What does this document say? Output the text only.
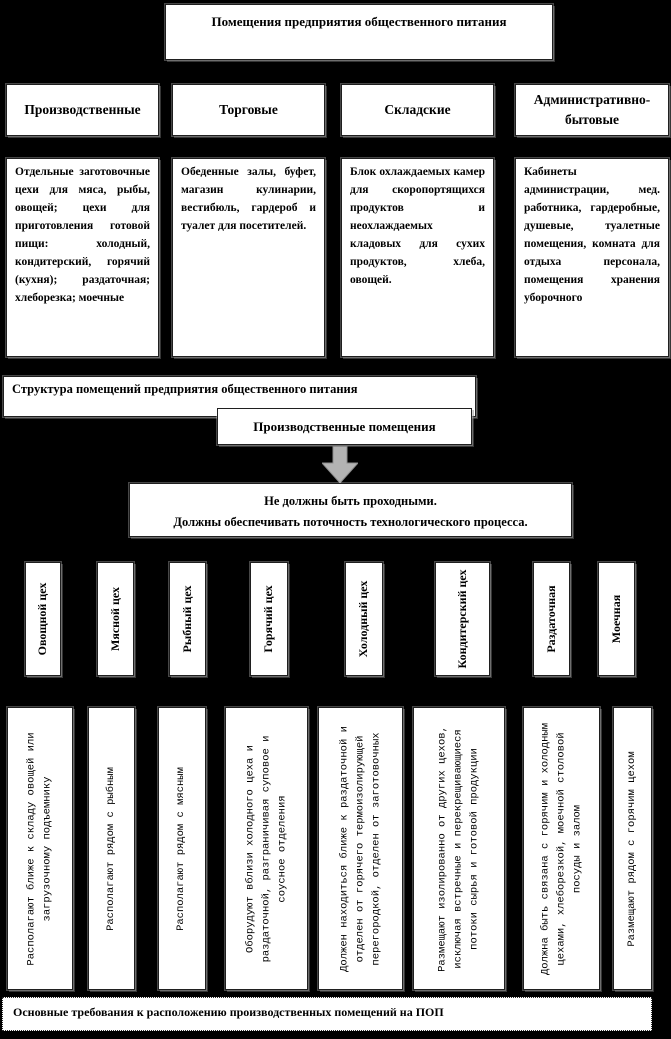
Помещения предприятия общественного питания
Производственные	Торговые	Складские
Административно-бытовые
Отдельные заготовочные цехи для мяса, рыбы, овощей; цехи для приготовления готовой пищи: холодный, кондитерский, горячий (кухня); раздаточная; хлеборезка; моечные
Обеденные залы, буфет, магазин кулинарии, вестибюль, гардероб и туалет для посетителей.
Блок охлаждаемых камер для скоропортящихся продуктов и неохлаждаемых кладовых для сухих продуктов, хлеба, овощей.
Кабинеты администрации, мед. работника, гардеробные, душевые, туалетные помещения, комната для отдыха персонала, помещения хранения уборочного
Структура помещений предприятия общественного питания
Производственные помещения
Не должны быть проходными.
Должны обеспечивать поточность технологического процесса.
Овощной цех	Мясной цех	Рыбный цех	Горячий цех	Холодный цех	Кондитерский цех	Раздаточная	Моечная
Располагают ближе к складу овощей или загрузочному подъемнику	Располагают рядом с рыбным	Располагают рядом с мясным	Оборудуют вблизи холодного цеха и раздаточной, разграничивая суповое и соусное отделения	Должен находиться ближе к раздаточной и отделен от горячего термоизолирующей перегородкой, отделен от заготовочных	Размещают изолированно от других цехов, исключая встречные и перекрещивающиеся потоки сырья и готовой продукции	Должна быть связана с горячим и холодным цехами, хлеборезкой, моечной столовой посуды и залом	Размещают рядом с горячим цехом
Основные требования к расположению производственных помещений на ПОП
